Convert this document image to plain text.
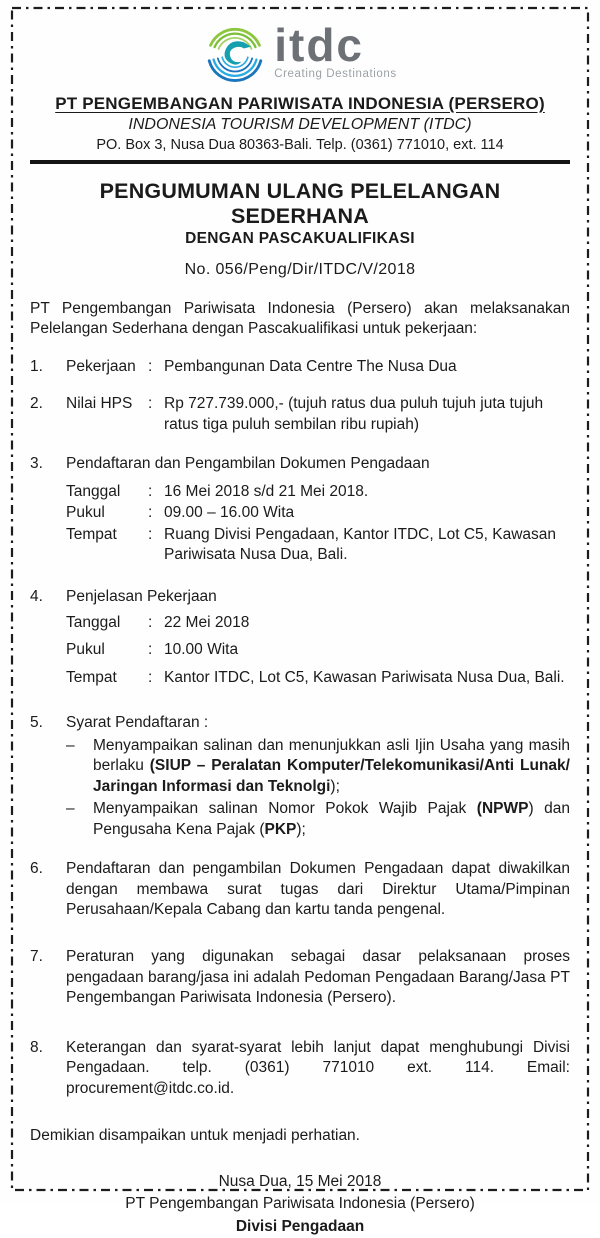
itdc
Creating Destinations
PT PENGEMBANGAN PARIWISATA INDONESIA (PERSERO)
INDONESIA TOURISM DEVELOPMENT (ITDC)
PO. Box 3, Nusa Dua 80363-Bali. Telp. (0361) 771010, ext. 114
PENGUMUMAN ULANG PELELANGAN SEDERHANA
DENGAN PASCAKUALIFIKASI
No. 056/Peng/Dir/ITDC/V/2018

PT Pengembangan Pariwisata Indonesia (Persero) akan melaksanakan Pelelangan Sederhana dengan Pascakualifikasi untuk pekerjaan:

1.	Pekerjaan : Pembangunan Data Centre The Nusa Dua
2.	Nilai HPS	: Rp 727.739.000,- (tujuh ratus dua puluh tujuh juta tujuh ratus tiga puluh sembilan ribu rupiah)
3.	Pendaftaran dan Pengambilan Dokumen Pengadaan
Tanggal	: 16 Mei 2018 s/d 21 Mei 2018.
Pukul	: 09.00 – 16.00 Wita
Tempat	: Ruang Divisi Pengadaan, Kantor ITDC, Lot C5, Kawasan Pariwisata Nusa Dua, Bali.
4.	Penjelasan Pekerjaan
Tanggal	: 22 Mei 2018
Pukul	: 10.00 Wita
Tempat	: Kantor ITDC, Lot C5, Kawasan Pariwisata Nusa Dua, Bali.
5.	Syarat Pendaftaran :
–	Menyampaikan salinan dan menunjukkan asli Ijin Usaha yang masih berlaku (SIUP – Peralatan Komputer/Telekomunikasi/Anti Lunak/ Jaringan Informasi dan Teknolgi);
–	Menyampaikan salinan Nomor Pokok Wajib Pajak (NPWP) dan Pengusaha Kena Pajak (PKP);
6.	Pendaftaran dan pengambilan Dokumen Pengadaan dapat diwakilkan dengan membawa surat tugas dari Direktur Utama/Pimpinan Perusahaan/Kepala Cabang dan kartu tanda pengenal.
7.	Peraturan yang digunakan sebagai dasar pelaksanaan proses pengadaan barang/jasa ini adalah Pedoman Pengadaan Barang/Jasa PT Pengembangan Pariwisata Indonesia (Persero).
8.	Keterangan dan syarat-syarat lebih lanjut dapat menghubungi Divisi Pengadaan. telp. (0361) 771010 ext. 114. Email: procurement@itdc.co.id.

Demikian disampaikan untuk menjadi perhatian.

Nusa Dua, 15 Mei 2018
PT Pengembangan Pariwisata Indonesia (Persero)
Divisi Pengadaan
